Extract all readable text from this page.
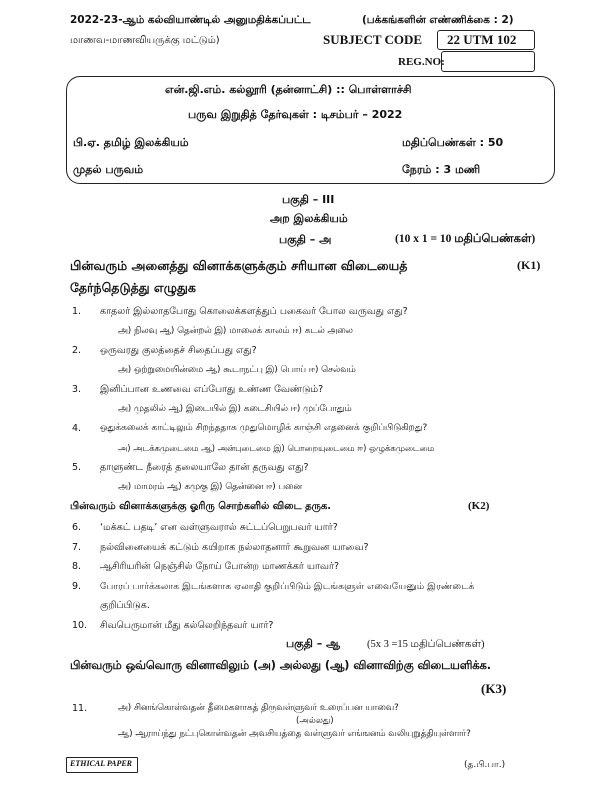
2022-23-ஆம் கல்வியாண்டில் அனுமதிக்கப்பட்ட	(பக்கங்களின் எண்ணிக்கை : 2)
மாணவ-மாணவியருக்கு மட்டும்)	SUBJECT CODE 22 UTM 102
REG.NO:
என்.ஜி.எம். கல்லூரி (தன்னாட்சி) :: பொள்ளாச்சி
பருவ இறுதித் தேர்வுகள் : டிசம்பர் – 2022
பி.ஏ. தமிழ் இலக்கியம்	மதிப்பெண்கள் : 50
முதல் பருவம்	நேரம் : 3 மணி
பகுதி – III
அற இலக்கியம்
பகுதி – அ	(10 x 1 = 10 மதிப்பெண்கள்)
பின்வரும் அனைத்து வினாக்களுக்கும் சரியான விடையைத்	(K1)
தேர்ந்தெடுத்து எழுதுக
1. காதலர் இல்லாதபோது கொலைக்களத்துப் பகைவர் போல வருவது எது?
அ) நிலவு ஆ) தென்றல் இ) மாலைக் காலம் ஈ) கடல் அலை
2. ஒருவரது குலத்தைச் சிதைப்பது எது?
அ) ஒற்றுமையின்மை ஆ) கூடாநட்பு இ) பொய் ஈ) செல்வம்
3. இனிப்பான உணவை எப்போது உண்ண வேண்டும்?
அ) முதலில் ஆ) இடையில் இ) கடைசியில் ஈ) முப்போதும்
4. ஒதுக்கலைக் காட்டிலும் சிறந்ததாக முதுமொழிக் காஞ்சி எதனைக் குறிப்பிடுகிறது?
அ) அடக்கமுடைமை ஆ) அன்புடைமை இ) பொறையுடைமை ஈ) ஒழுக்கமுடைமை
5. தாளுண்ட நீரைத் தலையாலே தான் தருவது எது?
அ) மாமரம் ஆ) கமுகு இ) தென்னை ஈ) பனை
பின்வரும் வினாக்களுக்கு ஓரிரு சொற்களில் விடை தருக.	(K2)
6. ‘மக்கட் பதடி’ என வள்ளுவரால் சுட்டப்பெறுபவர் யார்?
7. நல்வினையைக் கட்டும் கயிறாக நல்லாதனார் கூறுவன யாவை?
8. ஆசிரியரின் நெஞ்சில் நோய் போன்ற மாணக்கர் யாவர்?
9. போரப் பார்க்கலாக இடங்களாக ஏலாதி குறிப்பிடும் இடங்களுள் எவையேனும் இரண்டைக்
குறிப்பிடுக.
10. சிவபெருமான் மீது கல்லெறிந்தவர் யார்?
பகுதி – ஆ	(5x 3 =15 மதிப்பெண்கள்)
பின்வரும் ஒவ்வொரு வினாவிலும் (அ) அல்லது (ஆ) வினாவிற்கு விடையளிக்க.
(K3)
11.	அ) சினங்கொள்வதன் தீமைகளாகத் திருவள்ளுவர் உரைப்பன யாவை?
(அல்லது)
ஆ) ஆராய்ந்து நட்புகொள்வதன் அவசியத்தை வள்ளுவர் எங்ஙனம் வலியுறுத்தியுள்ளார்?
ETHICAL PAPER	(த.பி.பா.)
